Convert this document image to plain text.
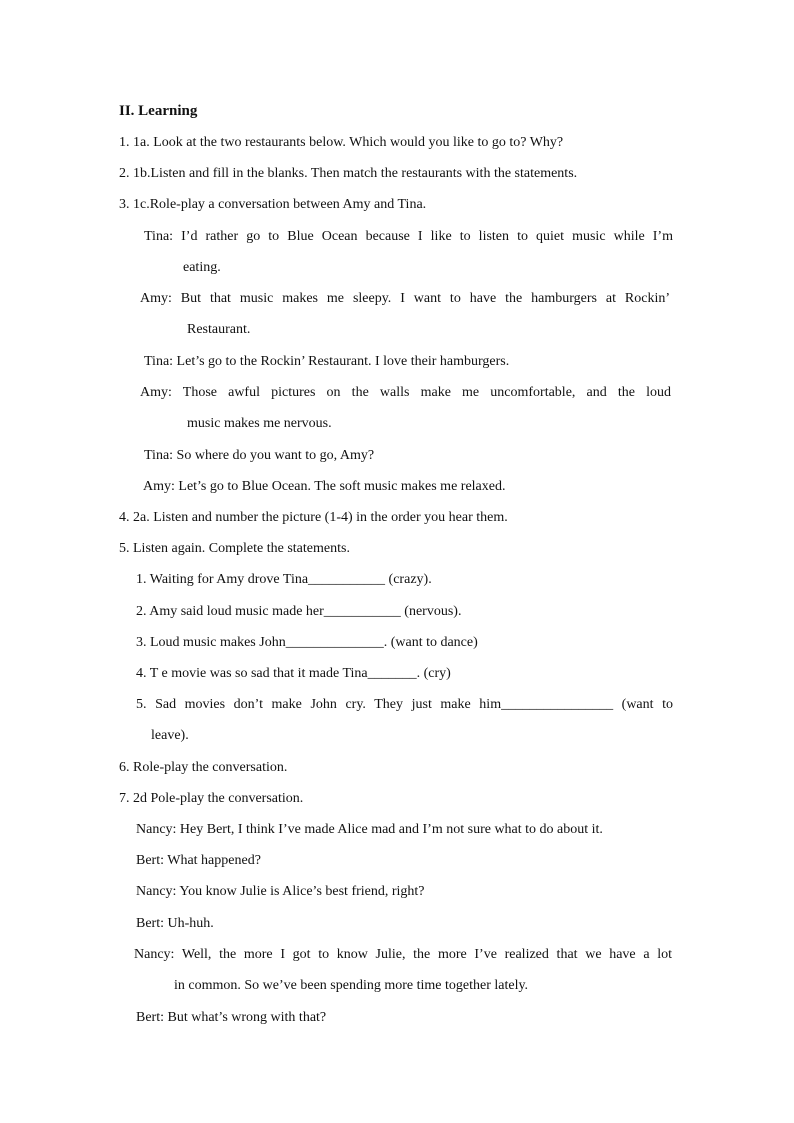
II. Learning
1. 1a. Look at the two restaurants below. Which would you like to go to? Why?
2. 1b.Listen and fill in the blanks. Then match the restaurants with the statements.
3. 1c.Role-play a conversation between Amy and Tina.
Tina: I’d rather go to Blue Ocean because I like to listen to quiet music while I’m
eating.
Amy: But that music makes me sleepy. I want to have the hamburgers at Rockin’
Restaurant.
Tina: Let’s go to the Rockin’ Restaurant. I love their hamburgers.
Amy: Those awful pictures on the walls make me uncomfortable, and the loud
music makes me nervous.
Tina: So where do you want to go, Amy?
Amy: Let’s go to Blue Ocean. The soft music makes me relaxed.
4. 2a. Listen and number the picture (1-4) in the order you hear them.
5. Listen again. Complete the statements.
1. Waiting for Amy drove Tina___________ (crazy).
2. Amy said loud music made her___________ (nervous).
3. Loud music makes John______________. (want to dance)
4. T e movie was so sad that it made Tina_______. (cry)
5. Sad movies don’t make John cry. They just make him________________ (want to
leave).
6. Role-play the conversation.
7. 2d Pole-play the conversation.
Nancy: Hey Bert, I think I’ve made Alice mad and I’m not sure what to do about it.
Bert: What happened?
Nancy: You know Julie is Alice’s best friend, right?
Bert: Uh-huh.
Nancy: Well, the more I got to know Julie, the more I’ve realized that we have a lot
in common. So we’ve been spending more time together lately.
Bert: But what’s wrong with that?
